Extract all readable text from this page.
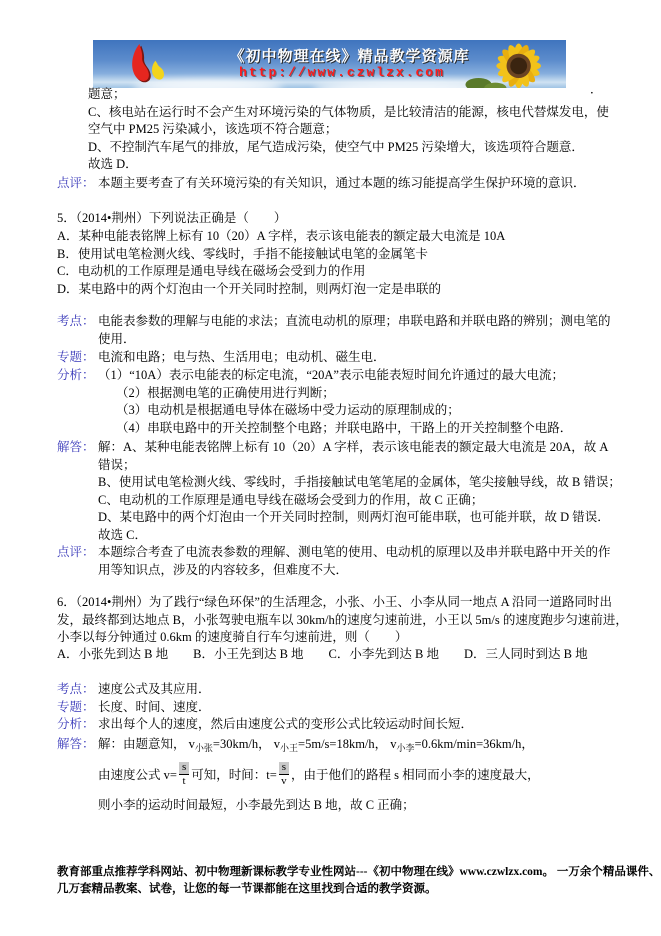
《初中物理在线》精品教学资源库
http://www.czwlzx.com
．
题意；
C、核电站在运行时不会产生对环境污染的气体物质，是比较清洁的能源，核电代替煤发电，使
空气中 PM25 污染减小，该选项不符合题意；
D、不控制汽车尾气的排放，尾气造成污染，使空气中 PM25 污染增大，该选项符合题意．
故选 D．
点评： 本题主要考查了有关环境污染的有关知识，通过本题的练习能提高学生保护环境的意识．
5．（2014•荆州）下列说法正确是（　　）
A．某种电能表铭牌上标有 10（20）A 字样，表示该电能表的额定最大电流是 10A
B．使用试电笔检测火线、零线时，手指不能接触试电笔的金属笔卡
C．电动机的工作原理是通电导线在磁场会受到力的作用
D．某电路中的两个灯泡由一个开关同时控制，则两灯泡一定是串联的
考点： 电能表参数的理解与电能的求法；直流电动机的原理；串联电路和并联电路的辨别；测电笔的
使用．
专题： 电流和电路；电与热、生活用电；电动机、磁生电．
分析： （1）“10A）表示电能表的标定电流，“20A”表示电能表短时间允许通过的最大电流；
（2）根据测电笔的正确使用进行判断；
（3）电动机是根据通电导体在磁场中受力运动的原理制成的；
（4）串联电路中的开关控制整个电路；并联电路中，干路上的开关控制整个电路．
解答： 解：A、某种电能表铭牌上标有 10（20）A 字样，表示该电能表的额定最大电流是 20A，故 A
错误；
B、使用试电笔检测火线、零线时，手指接触试电笔笔尾的金属体，笔尖接触导线，故 B 错误；
C、电动机的工作原理是通电导线在磁场会受到力的作用，故 C 正确；
D、某电路中的两个灯泡由一个开关同时控制，则两灯泡可能串联，也可能并联，故 D 错误．
故选 C．
点评： 本题综合考查了电流表参数的理解、测电笔的使用、电动机的原理以及串并联电路中开关的作
用等知识点，涉及的内容较多，但难度不大．
6．（2014•荆州）为了践行“绿色环保”的生活理念，小张、小王、小李从同一地点 A 沿同一道路同时出
发，最终都到达地点 B，小张驾驶电瓶车以 30km/h的速度匀速前进，小王以 5m/s 的速度跑步匀速前进，
小李以每分钟通过 0.6km 的速度骑自行车匀速前进，则（　　）
A．小张先到达 B 地　　B．小王先到达 B 地　　C．小李先到达 B 地　　D．三人同时到达 B 地
考点： 速度公式及其应用．
专题： 长度、时间、速度．
分析： 求出每个人的速度，然后由速度公式的变形公式比较运动时间长短．
解答： 解：由题意知， $v_{小张}=30km/h$， $v_{小王}=5m/s=18km/h$， $v_{小李}=0.6km/\min=36km/h$，
由速度公式 $v= \frac{s}{t}$ 可知，时间：$t= \frac{s}{v}$ ，由于他们的路程 s 相同而小李的速度最大，
则小李的运动时间最短，小李最先到达 B 地，故 C 正确；
教育部重点推荐学科网站、初中物理新课标教学专业性网站---《初中物理在线》www.czwlzx.com。 一万余个精品课件、
几万套精品教案、试卷，让您的每一节课都能在这里找到合适的教学资源。
